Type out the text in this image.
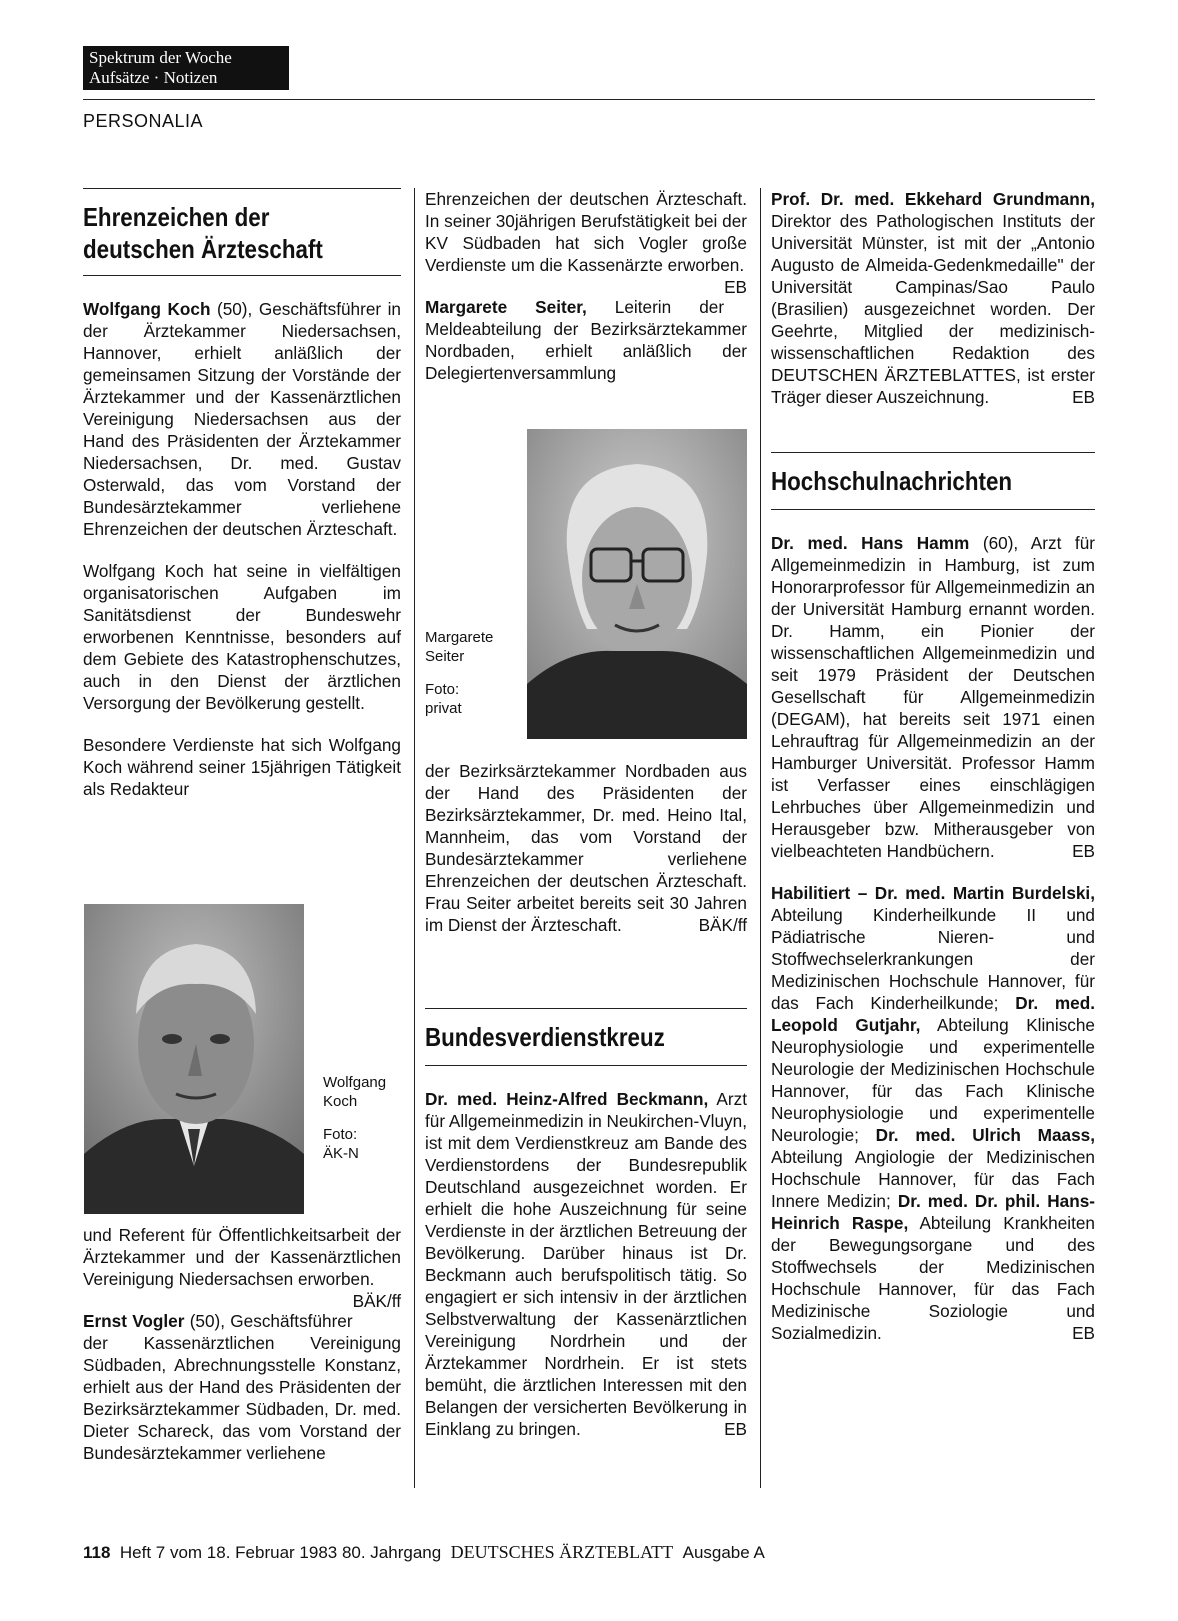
Spektrum der Woche
Aufsätze · Notizen
PERSONALIA
Ehrenzeichen der
deutschen Ärzteschaft

Wolfgang Koch (50), Geschäftsführer in der Ärztekammer Niedersachsen, Hannover, erhielt anläßlich der gemeinsamen Sitzung der Vorstände der Ärztekammer und der Kassenärztlichen Vereinigung Niedersachsen aus der Hand des Präsidenten der Ärztekammer Niedersachsen, Dr. med. Gustav Osterwald, das vom Vorstand der Bundesärztekammer verliehene Ehrenzeichen der deutschen Ärzteschaft.

Wolfgang Koch hat seine in vielfältigen organisatorischen Aufgaben im Sanitätsdienst der Bundeswehr erworbenen Kenntnisse, besonders auf dem Gebiete des Katastrophenschutzes, auch in den Dienst der ärztlichen Versorgung der Bevölkerung gestellt.

Besondere Verdienste hat sich Wolfgang Koch während seiner 15jährigen Tätigkeit als Redakteur

Wolfgang
Koch
Foto:
ÄK-N

und Referent für Öffentlichkeitsarbeit der Ärztekammer und der Kassenärztlichen Vereinigung Niedersachsen erworben.
BÄK/ff

Ernst Vogler (50), Geschäftsführer der Kassenärztlichen Vereinigung Südbaden, Abrechnungsstelle Konstanz, erhielt aus der Hand des Präsidenten der Bezirksärztekammer Südbaden, Dr. med. Dieter Schareck, das vom Vorstand der Bundesärztekammer verliehene

Ehrenzeichen der deutschen Ärzteschaft. In seiner 30jährigen Berufstätigkeit bei der KV Südbaden hat sich Vogler große Verdienste um die Kassenärzte erworben.
EB

Margarete Seiter, Leiterin der Meldeabteilung der Bezirksärztekammer Nordbaden, erhielt anläßlich der Delegiertenversammlung

Margarete
Seiter
Foto:
privat

der Bezirksärztekammer Nordbaden aus der Hand des Präsidenten der Bezirksärztekammer, Dr. med. Heino Ital, Mannheim, das vom Vorstand der Bundesärztekammer verliehene Ehrenzeichen der deutschen Ärzteschaft. Frau Seiter arbeitet bereits seit 30 Jahren im Dienst der Ärzteschaft.	BÄK/ff

Bundesverdienstkreuz

Dr. med. Heinz-Alfred Beckmann, Arzt für Allgemeinmedizin in Neukirchen-Vluyn, ist mit dem Verdienstkreuz am Bande des Verdienstordens der Bundesrepublik Deutschland ausgezeichnet worden. Er erhielt die hohe Auszeichnung für seine Verdienste in der ärztlichen Betreuung der Bevölkerung. Darüber hinaus ist Dr. Beckmann auch berufspolitisch tätig. So engagiert er sich intensiv in der ärztlichen Selbstverwaltung der Kassenärztlichen Vereinigung Nordrhein und der Ärztekammer Nordrhein. Er ist stets bemüht, die ärztlichen Interessen mit den Belangen der versicherten Bevölkerung in Einklang zu bringen.	EB

Prof. Dr. med. Ekkehard Grundmann, Direktor des Pathologischen Instituts der Universität Münster, ist mit der „Antonio Augusto de Almeida-Gedenkmedaille" der Universität Campinas/Sao Paulo (Brasilien) ausgezeichnet worden. Der Geehrte, Mitglied der medizinisch-wissenschaftlichen Redaktion des DEUTSCHEN ÄRZTEBLATTES, ist erster Träger dieser Auszeichnung.	EB

Hochschulnachrichten

Dr. med. Hans Hamm (60), Arzt für Allgemeinmedizin in Hamburg, ist zum Honorarprofessor für Allgemeinmedizin an der Universität Hamburg ernannt worden. Dr. Hamm, ein Pionier der wissenschaftlichen Allgemeinmedizin und seit 1979 Präsident der Deutschen Gesellschaft für Allgemeinmedizin (DEGAM), hat bereits seit 1971 einen Lehrauftrag für Allgemeinmedizin an der Hamburger Universität. Professor Hamm ist Verfasser eines einschlägigen Lehrbuches über Allgemeinmedizin und Herausgeber bzw. Mitherausgeber von vielbeachteten Handbüchern.	EB

Habilitiert – Dr. med. Martin Burdelski, Abteilung Kinderheilkunde II und Pädiatrische Nieren- und Stoffwechselerkrankungen der Medizinischen Hochschule Hannover, für das Fach Kinderheilkunde; Dr. med. Leopold Gutjahr, Abteilung Klinische Neurophysiologie und experimentelle Neurologie der Medizinischen Hochschule Hannover, für das Fach Klinische Neurophysiologie und experimentelle Neurologie; Dr. med. Ulrich Maass, Abteilung Angiologie der Medizinischen Hochschule Hannover, für das Fach Innere Medizin; Dr. med. Dr. phil. Hans-Heinrich Raspe, Abteilung Krankheiten der Bewegungsorgane und des Stoffwechsels der Medizinischen Hochschule Hannover, für das Fach Medizinische Soziologie und Sozialmedizin.	EB

118 Heft 7 vom 18. Februar 1983 80. Jahrgang DEUTSCHES ÄRZTEBLATT Ausgabe A
